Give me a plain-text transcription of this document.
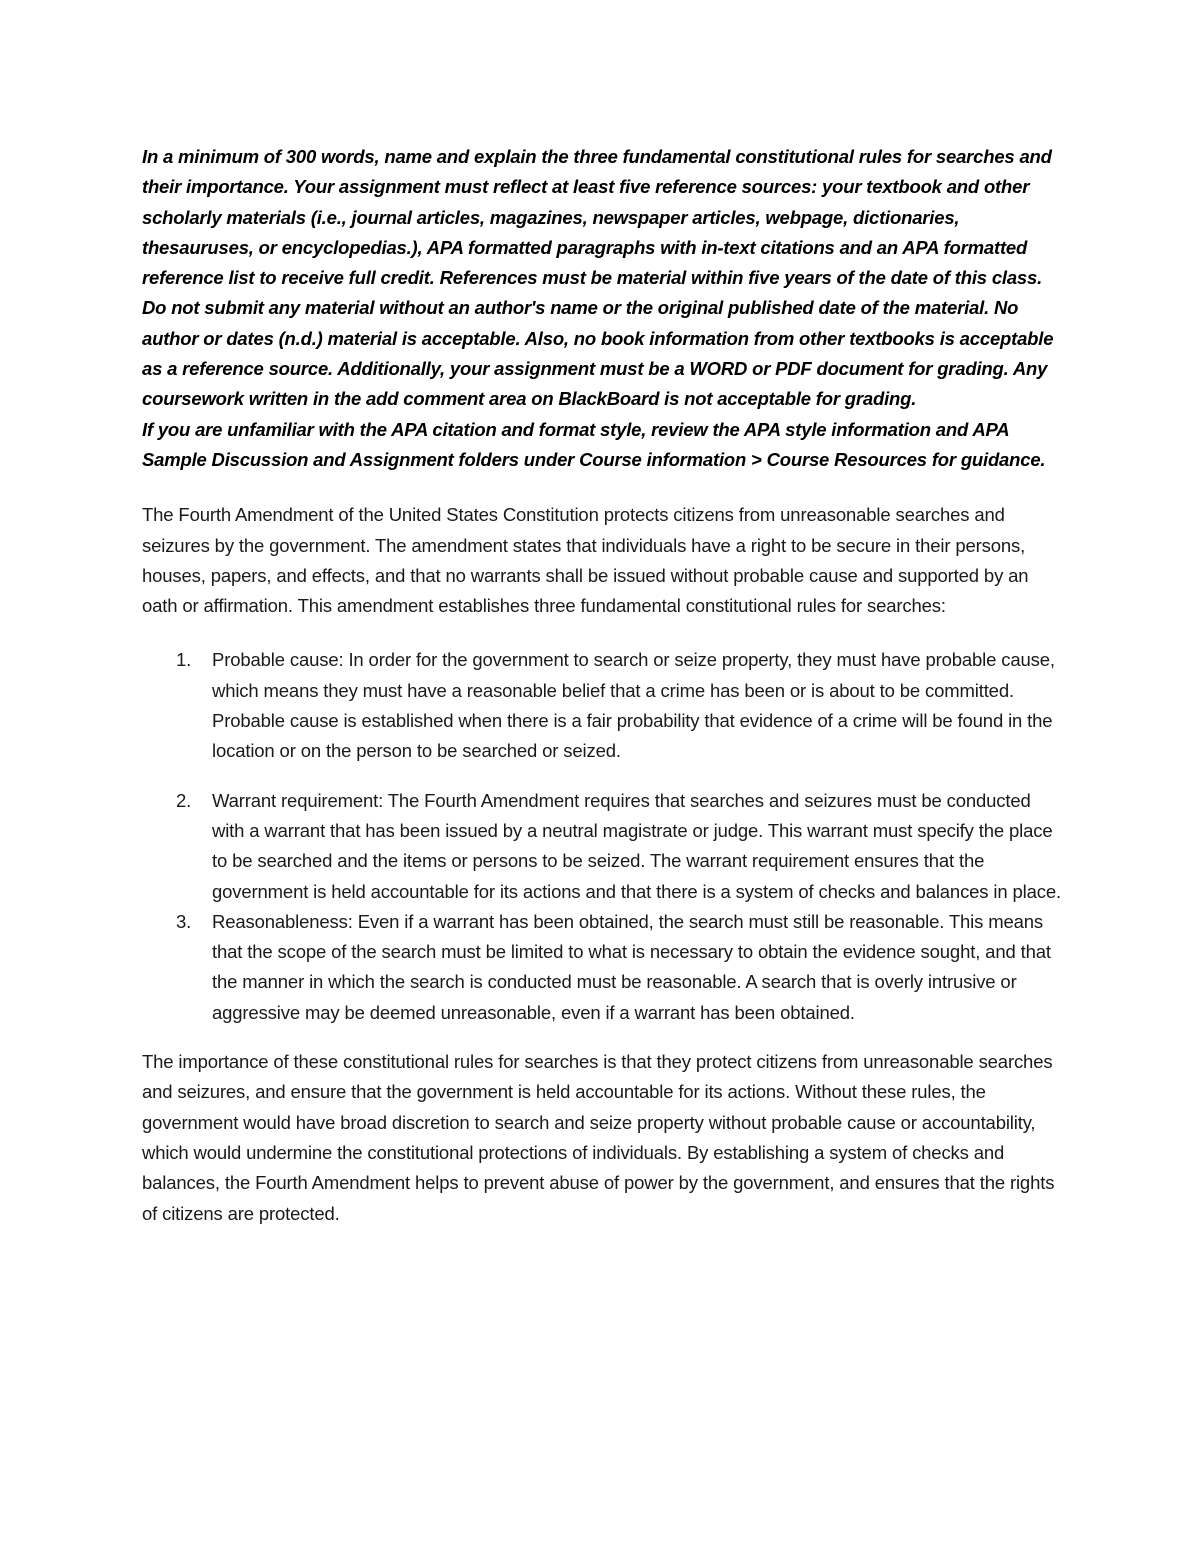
In a minimum of 300 words, name and explain the three fundamental constitutional rules for searches and their importance. Your assignment must reflect at least five reference sources: your textbook and other scholarly materials (i.e., journal articles, magazines, newspaper articles, webpage, dictionaries, thesauruses, or encyclopedias.), APA formatted paragraphs with in-text citations and an APA formatted reference list to receive full credit. References must be material within five years of the date of this class.

Do not submit any material without an author's name or the original published date of the material. No author or dates (n.d.) material is acceptable. Also, no book information from other textbooks is acceptable as a reference source. Additionally, your assignment must be a WORD or PDF document for grading. Any coursework written in the add comment area on BlackBoard is not acceptable for grading.

If you are unfamiliar with the APA citation and format style, review the APA style information and APA Sample Discussion and Assignment folders under Course information > Course Resources for guidance.

The Fourth Amendment of the United States Constitution protects citizens from unreasonable searches and seizures by the government. The amendment states that individuals have a right to be secure in their persons, houses, papers, and effects, and that no warrants shall be issued without probable cause and supported by an oath or affirmation. This amendment establishes three fundamental constitutional rules for searches:

1. Probable cause: In order for the government to search or seize property, they must have probable cause, which means they must have a reasonable belief that a crime has been or is about to be committed. Probable cause is established when there is a fair probability that evidence of a crime will be found in the location or on the person to be searched or seized.
2. Warrant requirement: The Fourth Amendment requires that searches and seizures must be conducted with a warrant that has been issued by a neutral magistrate or judge. This warrant must specify the place to be searched and the items or persons to be seized. The warrant requirement ensures that the government is held accountable for its actions and that there is a system of checks and balances in place.
3. Reasonableness: Even if a warrant has been obtained, the search must still be reasonable. This means that the scope of the search must be limited to what is necessary to obtain the evidence sought, and that the manner in which the search is conducted must be reasonable. A search that is overly intrusive or aggressive may be deemed unreasonable, even if a warrant has been obtained.

The importance of these constitutional rules for searches is that they protect citizens from unreasonable searches and seizures, and ensure that the government is held accountable for its actions. Without these rules, the government would have broad discretion to search and seize property without probable cause or accountability, which would undermine the constitutional protections of individuals. By establishing a system of checks and balances, the Fourth Amendment helps to prevent abuse of power by the government, and ensures that the rights of citizens are protected.
